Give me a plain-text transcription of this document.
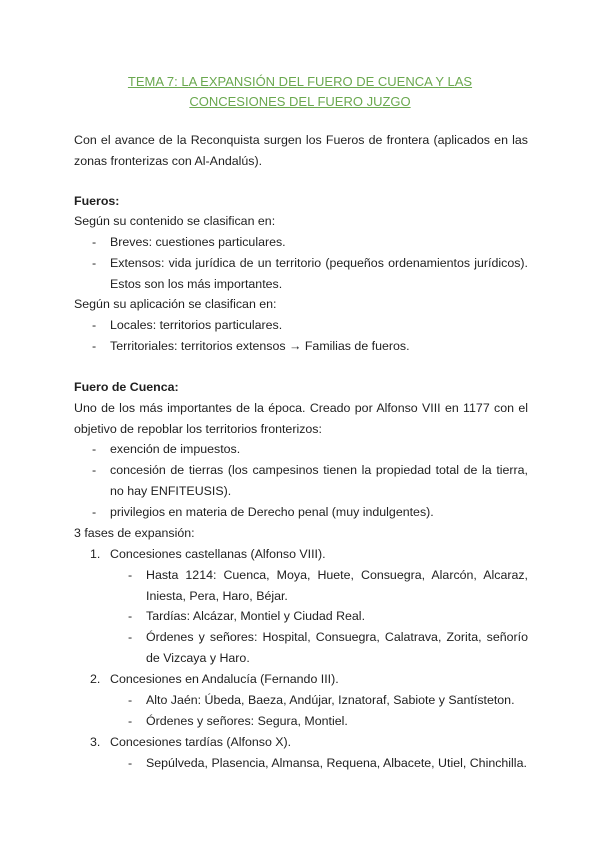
TEMA 7: LA EXPANSIÓN DEL FUERO DE CUENCA Y LAS
CONCESIONES DEL FUERO JUZGO
Con el avance de la Reconquista surgen los Fueros de frontera (aplicados en las zonas fronterizas con Al-Andalús).
Fueros:
Según su contenido se clasifican en:
- Breves: cuestiones particulares.
- Extensos: vida jurídica de un territorio (pequeños ordenamientos jurídicos). Estos son los más importantes.
Según su aplicación se clasifican en:
- Locales: territorios particulares.
- Territoriales: territorios extensos → Familias de fueros.
Fuero de Cuenca:
Uno de los más importantes de la época. Creado por Alfonso VIII en 1177 con el objetivo de repoblar los territorios fronterizos:
- exención de impuestos.
- concesión de tierras (los campesinos tienen la propiedad total de la tierra, no hay ENFITEUSIS).
- privilegios en materia de Derecho penal (muy indulgentes).
3 fases de expansión:
1. Concesiones castellanas (Alfonso VIII).
- Hasta 1214: Cuenca, Moya, Huete, Consuegra, Alarcón, Alcaraz, Iniesta, Pera, Haro, Béjar.
- Tardías: Alcázar, Montiel y Ciudad Real.
- Órdenes y señores: Hospital, Consuegra, Calatrava, Zorita, señorío de Vizcaya y Haro.
2. Concesiones en Andalucía (Fernando III).
- Alto Jaén: Úbeda, Baeza, Andújar, Iznatoraf, Sabiote y Santísteton.
- Órdenes y señores: Segura, Montiel.
3. Concesiones tardías (Alfonso X).
- Sepúlveda, Plasencia, Almansa, Requena, Albacete, Utiel, Chinchilla.
